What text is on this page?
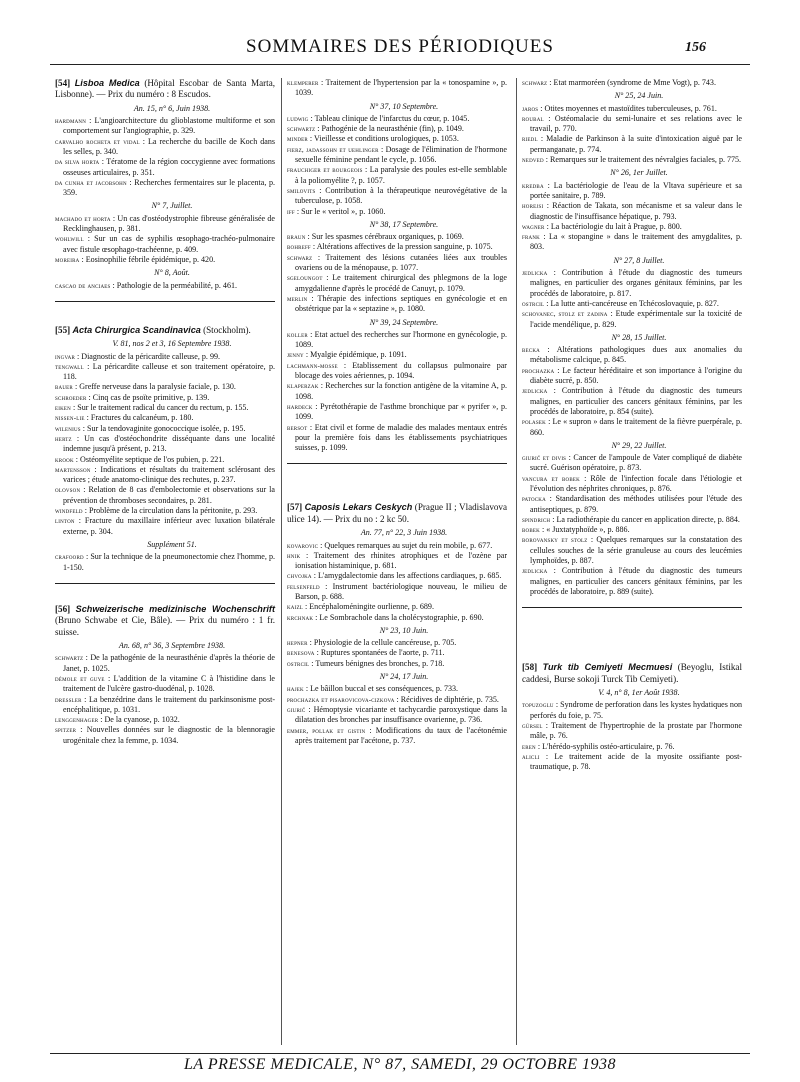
SOMMAIRES DES PÉRIODIQUES	156

[54] Lisboa Medica (Hôpital Escobar de Santa Marta, Lisbonne). — Prix du numéro : 8 Escudos.

An. 15, n° 6, Juin 1938.

hardmann : L'angioarchitecture du glioblastome multiforme et son comportement sur l'angiographie, p. 329.

carvalho rocheta et vidal : La recherche du bacille de Koch dans les selles, p. 340.

da silva horta : Tératome de la région coccygienne avec formations osseuses articulaires, p. 351.

da cunha et jacobsohn : Recherches fermentaires sur le placenta, p. 359.

N° 7, Juillet.

machado et horta : Un cas d'ostéodystrophie fibreuse généralisée de Recklinghausen, p. 381.

wohlwill : Sur un cas de syphilis œsophago-trachéo-pulmonaire avec fistule œsophago-trachéenne, p. 409.

moreira : Eosinophilie fébrile épidémique, p. 420.

N° 8, Août.

cascao de anciaes : Pathologie de la perméabilité, p. 461.

[55] Acta Chirurgica Scandinavica (Stockholm).

V. 81, nos 2 et 3, 16 Septembre 1938.

ingvar : Diagnostic de la péricardite calleuse, p. 99.

tengwall : La péricardite calleuse et son traitement opératoire, p. 118.

bauer : Greffe nerveuse dans la paralysie faciale, p. 130.

schroeder : Cinq cas de psoïte primitive, p. 139.

eiken : Sur le traitement radical du cancer du rectum, p. 155.

nissen-lie : Fractures du calcanéum, p. 180.

wilenius : Sur la tendovaginite gonococcique isolée, p. 195.

hertz : Un cas d'ostéochondrite disséquante dans une localité indemne jusqu'à présent, p. 213.

krook : Ostéomyélite septique de l'os pubien, p. 221.

martensson : Indications et résultats du traitement sclérosant des varices ; étude anatomo-clinique des rechutes, p. 237.

olovson : Relation de 8 cas d'embolectomie et observations sur la prévention de thromboses secondaires, p. 281.

windfeld : Problème de la circulation dans la péritonite, p. 293.

linton : Fracture du maxillaire inférieur avec luxation bilatérale externe, p. 304.

Supplément 51.

crafoord : Sur la technique de la pneumonectomie chez l'homme, p. 1-150.

[56] Schweizerische medizinische Wochenschrift (Bruno Schwabe et Cie, Bâle). — Prix du numéro : 1 fr. suisse.

An. 68, n° 36, 3 Septembre 1938.

schwartz : De la pathogénie de la neurasthénie d'après la théorie de Janet, p. 1025.

démole et guye : L'addition de la vitamine C à l'histidine dans le traitement de l'ulcère gastro-duodénal, p. 1028.

dressler : La benzédrine dans le traitement du parkinsonisme post-encéphalitique, p. 1031.

lenggenhager : De la cyanose, p. 1032.

spitzer : Nouvelles données sur le diagnostic de la blennoragie urogénitale chez la femme, p. 1034.

klemperer : Traitement de l'hypertension par la « tonospamine », p. 1039.

N° 37, 10 Septembre.

ludwig : Tableau clinique de l'infarctus du cœur, p. 1045.

schwartz : Pathogénie de la neurasthénie (fin), p. 1049.

minder : Vieillesse et conditions urologiques, p. 1053.

fierz, jadassohn et uehlinger : Dosage de l'élimination de l'hormone sexuelle féminine pendant le cycle, p. 1056.

frauchiger et bourgeois : La paralysie des poules est-elle semblable à la poliomyélite ?, p. 1057.

smilovits : Contribution à la thérapeutique neurovégétative de la tuberculose, p. 1058.

iff : Sur le « veritol », p. 1060.

N° 38, 17 Septembre.

braun : Sur les spasmes cérébraux organiques, p. 1069.

bohreff : Altérations affectives de la pression sanguine, p. 1075.

schwarz : Traitement des lésions cutanées liées aux troubles ovariens ou de la ménopause, p. 1077.

sgeloungot : Le traitement chirurgical des phlegmons de la loge amygdalienne d'après le procédé de Canuyt, p. 1079.

merlin : Thérapie des infections septiques en gynécologie et en obstétrique par la « septazine », p. 1080.

N° 39, 24 Septembre.

koller : Etat actuel des recherches sur l'hormone en gynécologie, p. 1089.

jenny : Myalgie épidémique, p. 1091.

lachmann-mosse : Etablissement du collapsus pulmonaire par blocage des voies aériennes, p. 1094.

klaperzak : Recherches sur la fonction antigène de la vitamine A, p. 1098.

hardeck : Pyrétothérapie de l'asthme bronchique par « pyrifer », p. 1099.

bersot : Etat civil et forme de maladie des malades mentaux entrés pour la première fois dans les établissements psychiatriques suisses, p. 1099.

[57] Caposis Lekars Ceskych (Prague II ; Vladislavova ulice 14). — Prix du no : 2 kc 50.

An. 77, n° 22, 3 Juin 1938.

kovarovic : Quelques remarques au sujet du rein mobile, p. 677.

hnik : Traitement des rhinites atrophiques et de l'ozène par ionisation histaminique, p. 681.

chvojka : L'amygdalectomie dans les affections cardiaques, p. 685.

felsenfeld : Instrument bactériologique nouveau, le milieu de Barson, p. 688.

kaizl : Encéphaloméningite ourlienne, p. 689.

krchnak : Le Sombrachole dans la cholécystographie, p. 690.

N° 23, 10 Juin.

hepner : Physiologie de la cellule cancéreuse, p. 705.

benesova : Ruptures spontanées de l'aorte, p. 711.

ostrcil : Tumeurs bénignes des bronches, p. 718.

N° 24, 17 Juin.

hajek : Le bâillon buccal et ses conséquences, p. 733.

prochazka et pisarovicova-cizkova : Récidives de diphtérie, p. 735.

giurič : Hémoptysie vicariante et tachycardie paroxystique dans la dilatation des bronches par insuffisance ovarienne, p. 736.

emmer, pollak et gistin : Modifications du taux de l'acétonémie après traitement par l'acétone, p. 737.

schwarz : Etat marmoréen (syndrome de Mme Vogt), p. 743.

N° 25, 24 Juin.

jaros : Otites moyennes et mastoïdites tuberculeuses, p. 761.

roubal : Ostéomalacie du semi-lunaire et ses relations avec le travail, p. 770.

riedl : Maladie de Parkinson à la suite d'intoxication aiguë par le permanganate, p. 774.

nedved : Remarques sur le traitement des névralgies faciales, p. 775.

N° 26, 1er Juillet.

kredba : La bactériologie de l'eau de la Vltava supérieure et sa portée sanitaire, p. 789.

horejsi : Réaction de Takata, son mécanisme et sa valeur dans le diagnostic de l'insuffisance hépatique, p. 793.

wagner : La bactériologie du lait à Prague, p. 800.

frank : La « stopangine » dans le traitement des amygdalites, p. 803.

N° 27, 8 Juillet.

jedlicka : Contribution à l'étude du diagnostic des tumeurs malignes, en particulier des organes génitaux féminins, par les procédés de laboratoire, p. 817.

ostrcil : La lutte anti-cancéreuse en Tchécoslovaquie, p. 827.

schovanec, stolz et zadina : Etude expérimentale sur la toxicité de l'acide mendélique, p. 829.

N° 28, 15 Juillet.

becka : Altérations pathologiques dues aux anomalies du métabolisme calcique, p. 845.

prochazka : Le facteur héréditaire et son importance à l'origine du diabète sucré, p. 850.

jedlicka : Contribution à l'étude du diagnostic des tumeurs malignes, en particulier des cancers génitaux féminins, par les procédés de laboratoire, p. 854 (suite).

polasek : Le « supron » dans le traitement de la fièvre puerpérale, p. 860.

N° 29, 22 Juillet.

giurič et divis : Cancer de l'ampoule de Vater compliqué de diabète sucré. Guérison opératoire, p. 873.

vancura et bobek : Rôle de l'infection focale dans l'étiologie et l'évolution des néphrites chroniques, p. 876.

patocka : Standardisation des méthodes utilisées pour l'étude des antiseptiques, p. 879.

spindrich : La radiothérapie du cancer en application directe, p. 884.

bobek : « Juxtatyphoïde », p. 886.

borovansky et stolz : Quelques remarques sur la constatation des cellules souches de la série granuleuse au cours des leucémies lymphoïdes, p. 887.

jedlicka : Contribution à l'étude du diagnostic des tumeurs malignes, en particulier des cancers génitaux féminins, par les procédés de laboratoire, p. 889 (suite).

[58] Turk tib Cemiyeti Mecmuesi (Beyoglu, Istikal caddesi, Burse sokoji Turck Tib Cemiyeti).

V. 4, n° 8, 1er Août 1938.

topuzoglu : Syndrome de perforation dans les kystes hydatiques non perforés du foie, p. 75.

gürsel : Traitement de l'hypertrophie de la prostate par l'hormone mâle, p. 76.

eren : L'hérédo-syphilis ostéo-articulaire, p. 76.

alicli : Le traitement acide de la myosite ossifiante post-traumatique, p. 78.

LA PRESSE MEDICALE, N° 87, SAMEDI, 29 OCTOBRE 1938
